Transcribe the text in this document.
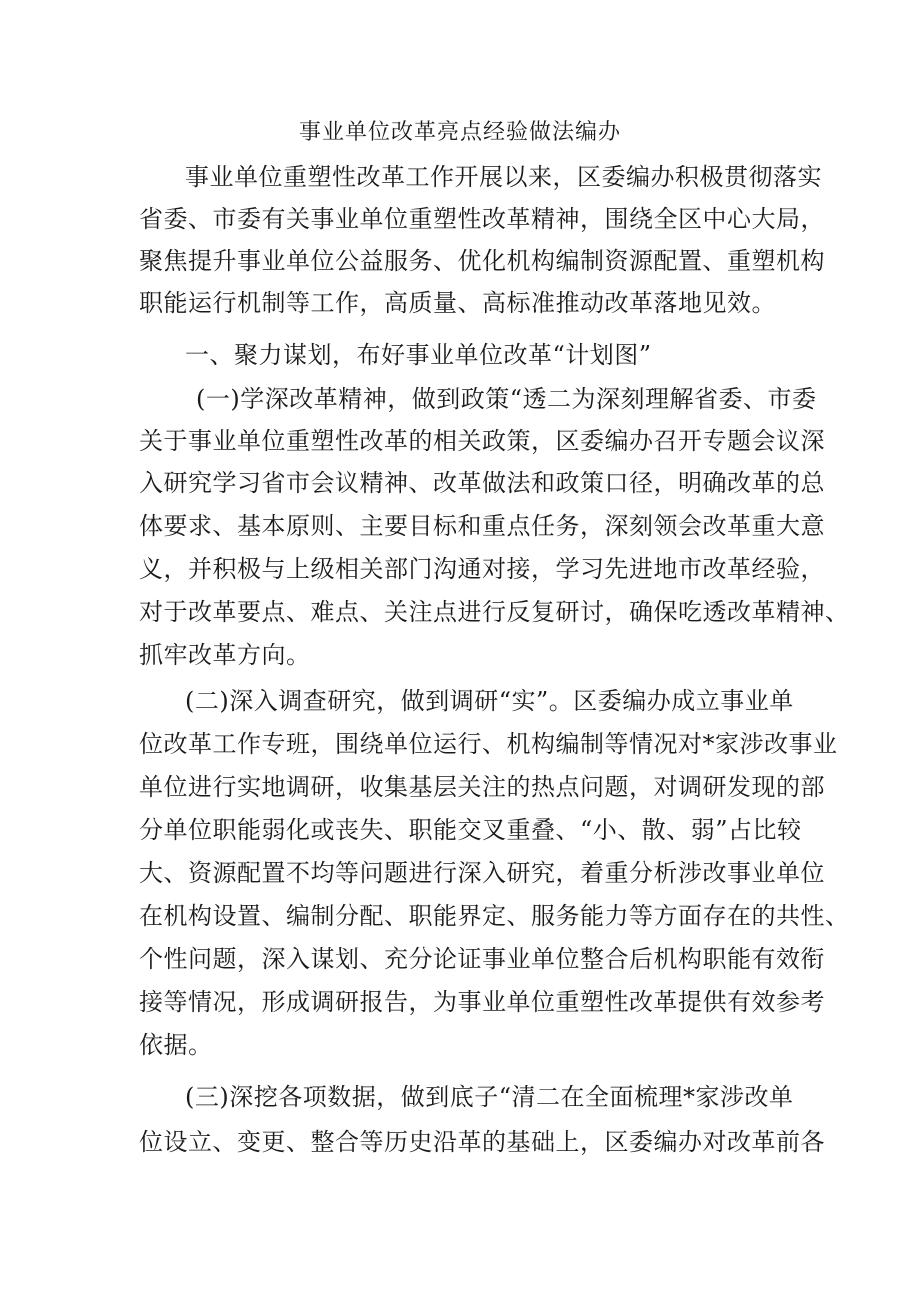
事业单位改革亮点经验做法编办
事业单位重塑性改革工作开展以来，区委编办积极贯彻落实
省委、市委有关事业单位重塑性改革精神，围绕全区中心大局，
聚焦提升事业单位公益服务、优化机构编制资源配置、重塑机构
职能运行机制等工作，高质量、高标准推动改革落地见效。
一、聚力谋划，布好事业单位改革“计划图”
(一)学深改革精神，做到政策“透二为深刻理解省委、市委
关于事业单位重塑性改革的相关政策，区委编办召开专题会议深
入研究学习省市会议精神、改革做法和政策口径，明确改革的总
体要求、基本原则、主要目标和重点任务，深刻领会改革重大意
义，并积极与上级相关部门沟通对接，学习先进地市改革经验，
对于改革要点、难点、关注点进行反复研讨，确保吃透改革精神、
抓牢改革方向。
(二)深入调查研究，做到调研“实”。区委编办成立事业单
位改革工作专班，围绕单位运行、机构编制等情况对*家涉改事业
单位进行实地调研，收集基层关注的热点问题，对调研发现的部
分单位职能弱化或丧失、职能交叉重叠、“小、散、弱”占比较
大、资源配置不均等问题进行深入研究，着重分析涉改事业单位
在机构设置、编制分配、职能界定、服务能力等方面存在的共性、
个性问题，深入谋划、充分论证事业单位整合后机构职能有效衔
接等情况，形成调研报告，为事业单位重塑性改革提供有效参考
依据。
(三)深挖各项数据，做到底子“清二在全面梳理*家涉改单
位设立、变更、整合等历史沿革的基础上，区委编办对改革前各
